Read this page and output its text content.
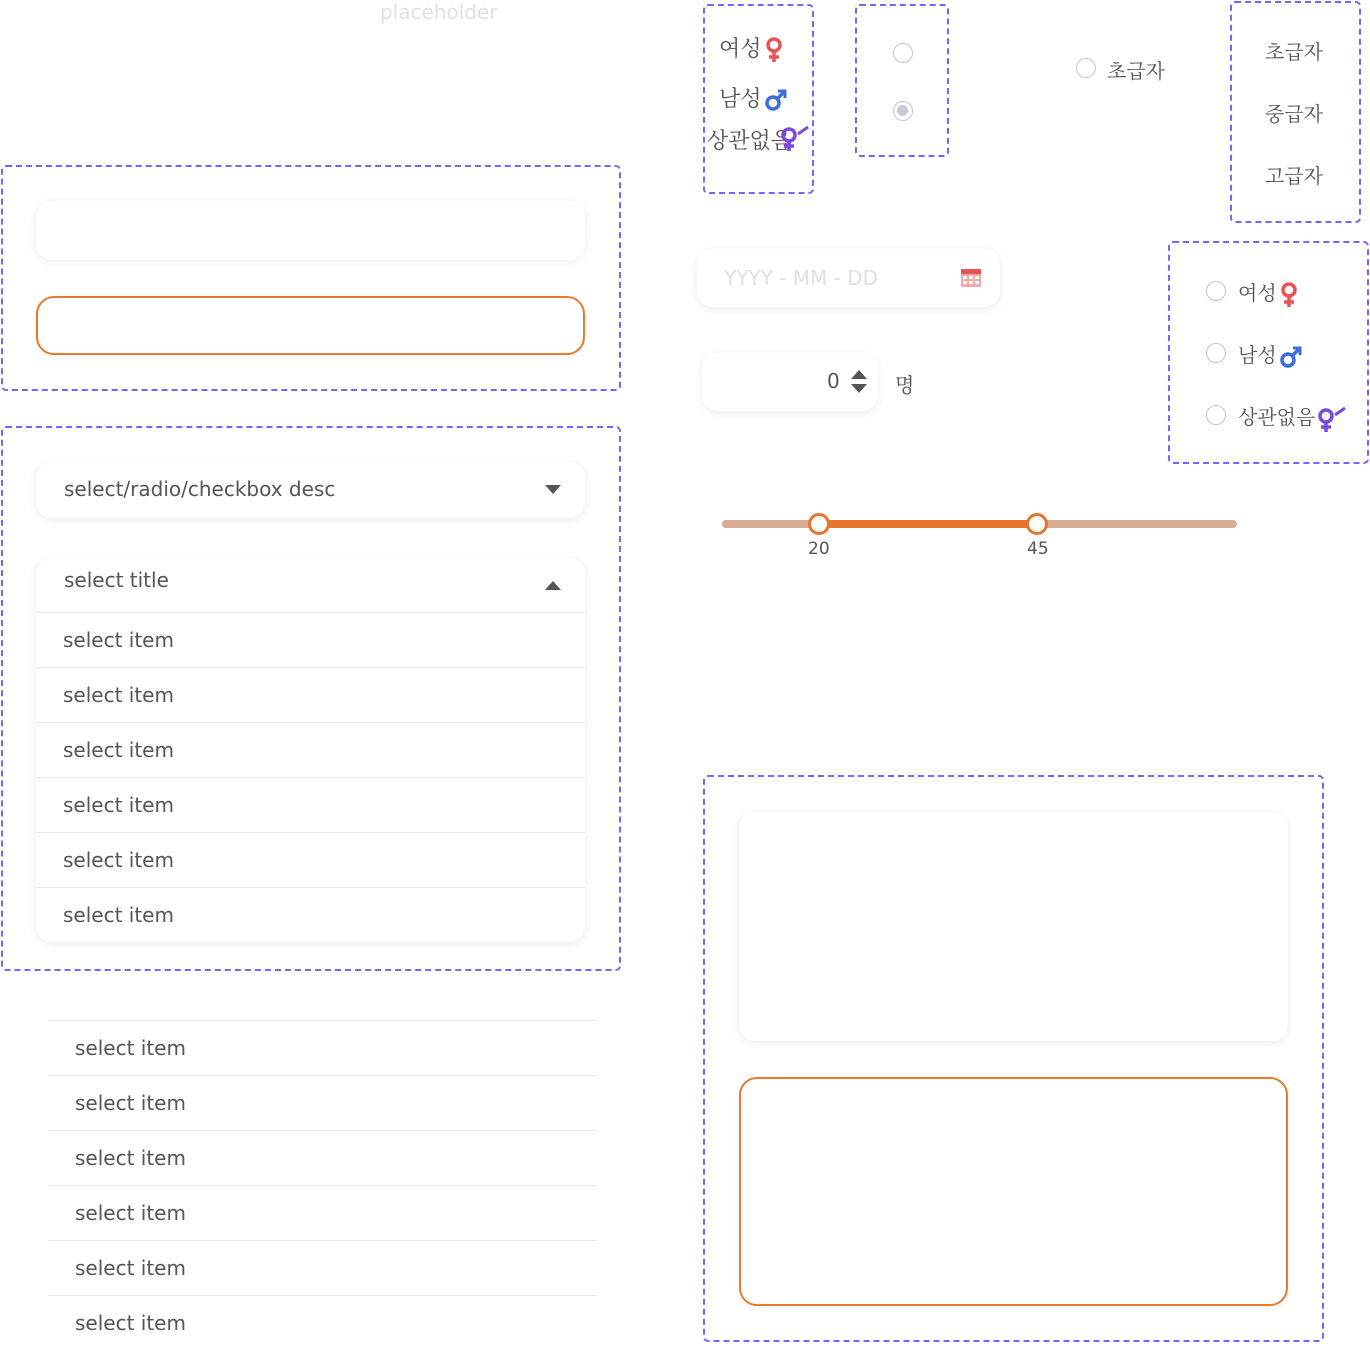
placeholder
select/radio/checkbox desc
select title
select item
select item
select item
select item
select item
select item
select item
select item
select item
select item
select item
select item
여성
남성
상관없음
초급자
초급자
중급자
고급자
YYYY - MM - DD
0	명
여성
남성
상관없음
20	45
